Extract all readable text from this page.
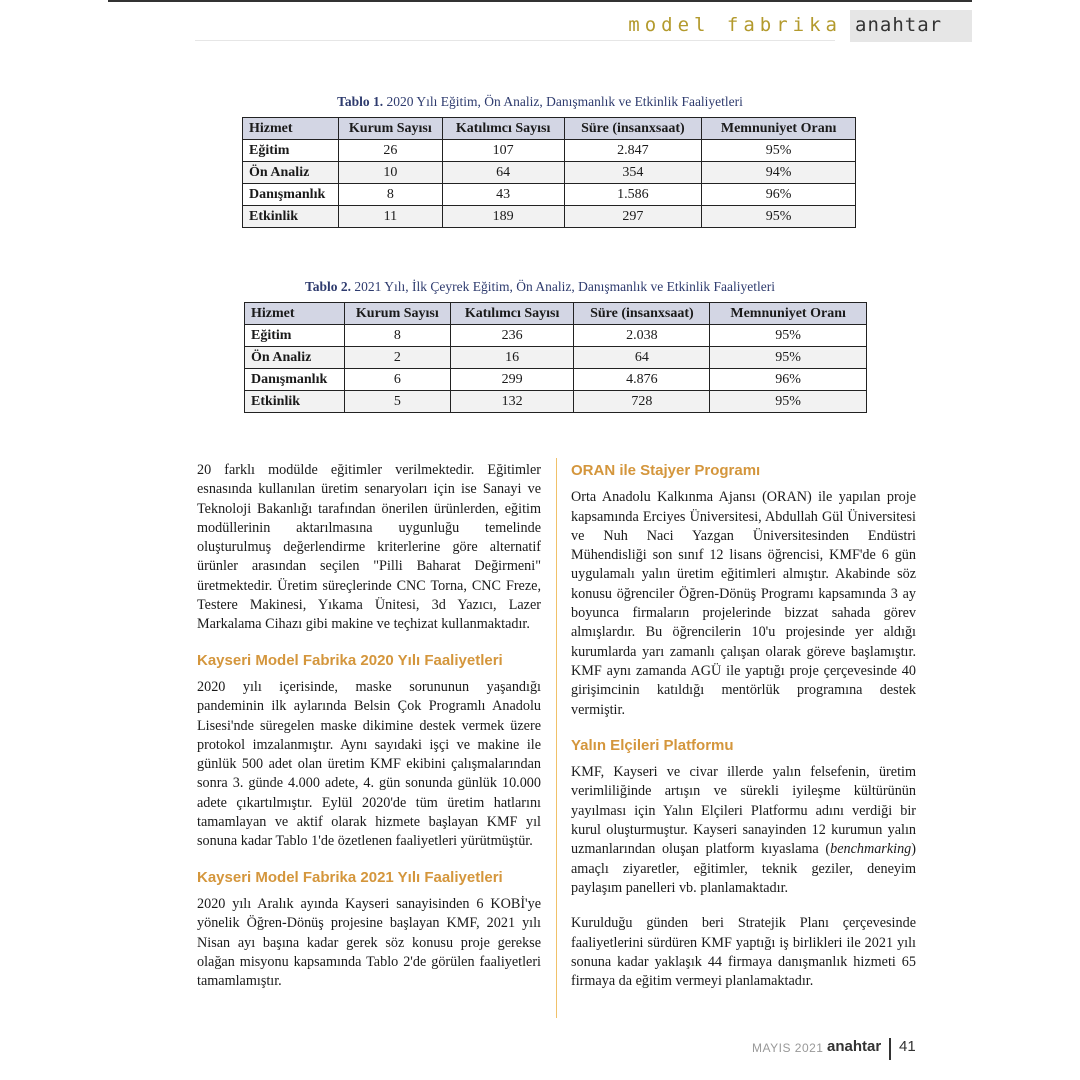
model fabrika anahtar
Tablo 1. 2020 Yılı Eğitim, Ön Analiz, Danışmanlık ve Etkinlik Faaliyetleri
Hizmet	Kurum Sayısı	Katılımcı Sayısı	Süre (insanxsaat)	Memnuniyet Oranı
Eğitim	26	107	2.847	95%
Ön Analiz	10	64	354	94%
Danışmanlık	8	43	1.586	96%
Etkinlik	11	189	297	95%
Tablo 2. 2021 Yılı, İlk Çeyrek Eğitim, Ön Analiz, Danışmanlık ve Etkinlik Faaliyetleri
Hizmet	Kurum Sayısı	Katılımcı Sayısı	Süre (insanxsaat)	Memnuniyet Oranı
Eğitim	8	236	2.038	95%
Ön Analiz	2	16	64	95%
Danışmanlık	6	299	4.876	96%
Etkinlik	5	132	728	95%

20 farklı modülde eğitimler verilmektedir. Eğitimler esnasında kullanılan üretim senaryoları için ise Sanayi ve Teknoloji Bakanlığı tarafından önerilen ürünlerden, eğitim modüllerinin aktarılmasına uygunluğu temelinde oluşturulmuş değerlendirme kriterlerine göre alternatif ürünler arasından seçilen "Pilli Baharat Değirmeni" üretmektedir. Üretim süreçlerinde CNC Torna, CNC Freze, Testere Makinesi, Yıkama Ünitesi, 3d Yazıcı, Lazer Markalama Cihazı gibi makine ve teçhizat kullanmaktadır.

Kayseri Model Fabrika 2020 Yılı Faaliyetleri

2020 yılı içerisinde, maske sorununun yaşandığı pandeminin ilk aylarında Belsin Çok Programlı Anadolu Lisesi'nde süregelen maske dikimine destek vermek üzere protokol imzalanmıştır. Aynı sayıdaki işçi ve makine ile günlük 500 adet olan üretim KMF ekibini çalışmalarından sonra 3. günde 4.000 adete, 4. gün sonunda günlük 10.000 adete çıkartılmıştır. Eylül 2020'de tüm üretim hatlarını tamamlayan ve aktif olarak hizmete başlayan KMF yıl sonuna kadar Tablo 1'de özetlenen faaliyetleri yürütmüştür.

Kayseri Model Fabrika 2021 Yılı Faaliyetleri

2020 yılı Aralık ayında Kayseri sanayisinden 6 KOBİ'ye yönelik Öğren-Dönüş projesine başlayan KMF, 2021 yılı Nisan ayı başına kadar gerek söz konusu proje gerekse olağan misyonu kapsamında Tablo 2'de görülen faaliyetleri tamamlamıştır.

ORAN ile Stajyer Programı

Orta Anadolu Kalkınma Ajansı (ORAN) ile yapılan proje kapsamında Erciyes Üniversitesi, Abdullah Gül Üniversitesi ve Nuh Naci Yazgan Üniversitesinden Endüstri Mühendisliği son sınıf 12 lisans öğrencisi, KMF'de 6 gün uygulamalı yalın üretim eğitimleri almıştır. Akabinde söz konusu öğrenciler Öğren-Dönüş Programı kapsamında 3 ay boyunca firmaların projelerinde bizzat sahada görev almışlardır. Bu öğrencilerin 10'u projesinde yer aldığı kurumlarda yarı zamanlı çalışan olarak göreve başlamıştır. KMF aynı zamanda AGÜ ile yaptığı proje çerçevesinde 40 girişimcinin katıldığı mentörlük programına destek vermiştir.

Yalın Elçileri Platformu

KMF, Kayseri ve civar illerde yalın felsefenin, üretim verimliliğinde artışın ve sürekli iyileşme kültürünün yayılması için Yalın Elçileri Platformu adını verdiği bir kurul oluşturmuştur. Kayseri sanayinden 12 kurumun yalın uzmanlarından oluşan platform kıyaslama (benchmarking) amaçlı ziyaretler, eğitimler, teknik geziler, deneyim paylaşım panelleri vb. planlamaktadır.

Kurulduğu günden beri Stratejik Planı çerçevesinde faaliyetlerini sürdüren KMF yaptığı iş birlikleri ile 2021 yılı sonuna kadar yaklaşık 44 firmaya danışmanlık hizmeti 65 firmaya da eğitim vermeyi planlamaktadır.

MAYIS 2021 anahtar 41
